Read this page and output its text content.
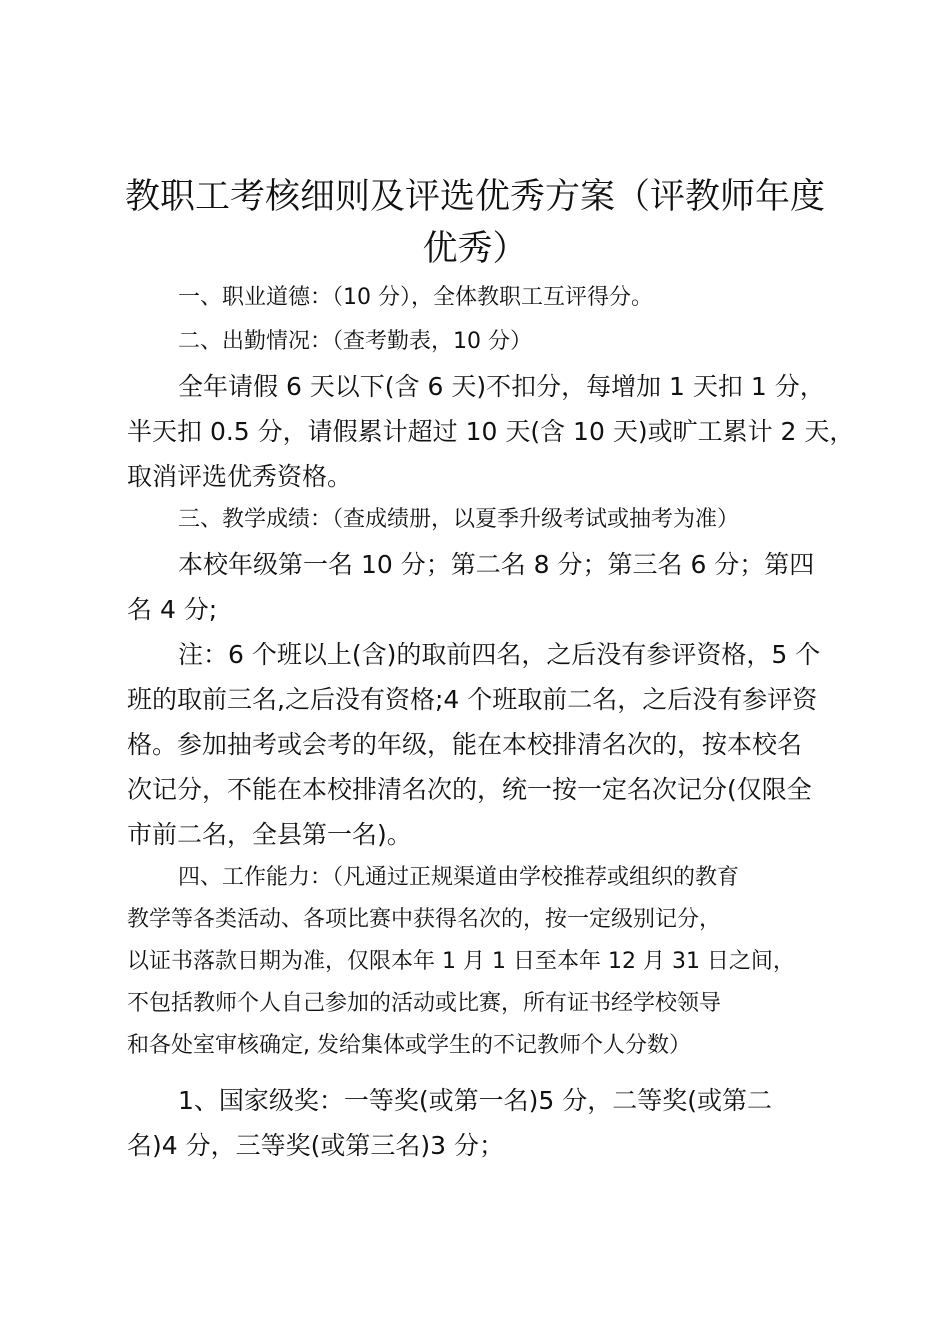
教职工考核细则及评选优秀方案（评教师年度
优秀）

一、职业道德：（10 分），全体教职工互评得分。

二、出勤情况：（查考勤表，10 分）

全年请假 6 天以下(含 6 天)不扣分，每增加 1 天扣 1 分，

半天扣 0.5 分，请假累计超过 10 天(含 10 天)或旷工累计 2 天，

取消评选优秀资格。

三、教学成绩：（查成绩册，以夏季升级考试或抽考为准）

本校年级第一名 10 分；第二名 8 分；第三名 6 分；第四

名 4 分;

注：6 个班以上(含)的取前四名，之后没有参评资格，5 个

班的取前三名,之后没有资格;4 个班取前二名，之后没有参评资

格。参加抽考或会考的年级，能在本校排清名次的，按本校名

次记分，不能在本校排清名次的，统一按一定名次记分(仅限全

市前二名，全县第一名)。

四、工作能力：（凡通过正规渠道由学校推荐或组织的教育

教学等各类活动、各项比赛中获得名次的，按一定级别记分，

以证书落款日期为准，仅限本年 1 月 1 日至本年 12 月 31 日之间，

不包括教师个人自己参加的活动或比赛，所有证书经学校领导

和各处室审核确定, 发给集体或学生的不记教师个人分数）

1、国家级奖：一等奖(或第一名)5 分，二等奖(或第二

名)4 分，三等奖(或第三名)3 分；
